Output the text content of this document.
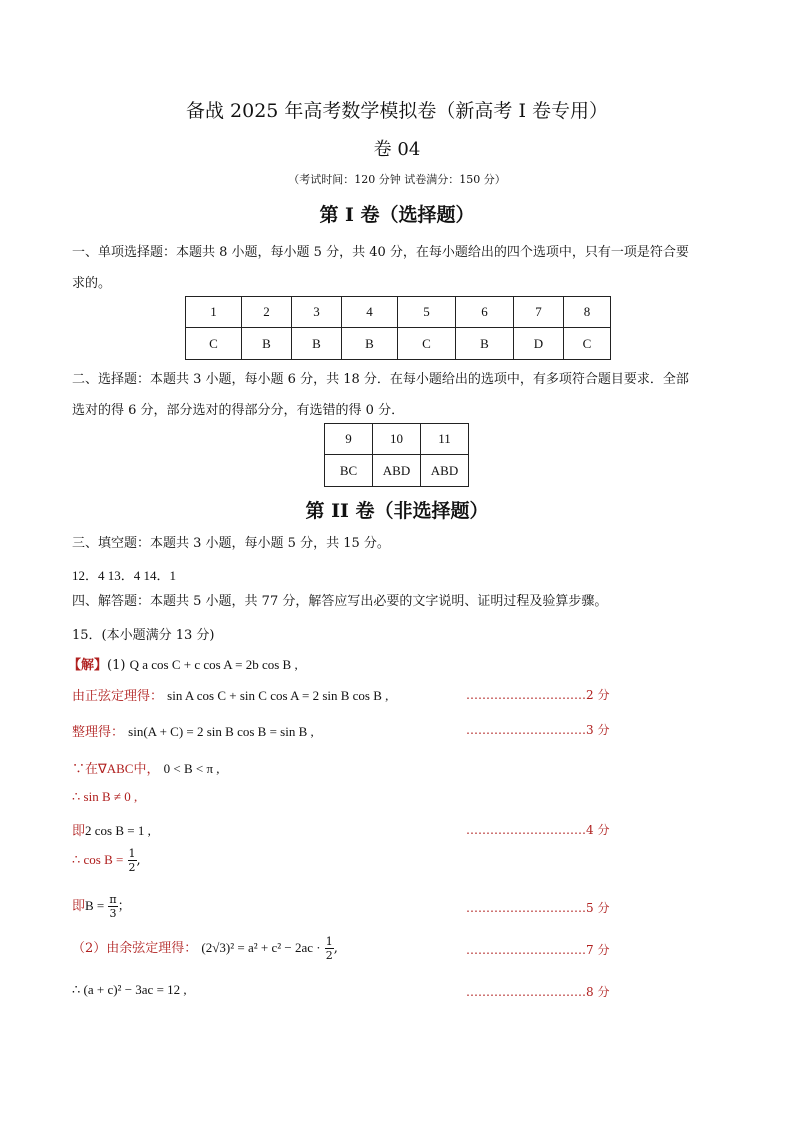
备战 2025 年高考数学模拟卷（新高考 I 卷专用）
卷 04
（考试时间：120 分钟 试卷满分：150 分）
第 I 卷（选择题）
一、单项选择题：本题共 8 小题，每小题 5 分，共 40 分，在每小题给出的四个选项中，只有一项是符合要
求的。
1	2	3	4	5	6	7	8
C	B	B	B	C	B	D	C
二、选择题：本题共 3 小题，每小题 6 分，共 18 分．在每小题给出的选项中，有多项符合题目要求．全部
选对的得 6 分，部分选对的得部分分，有选错的得 0 分．
9	10	11
BC	ABD	ABD
第 II 卷（非选择题）
三、填空题：本题共 3 小题，每小题 5 分，共 15 分。
12．4 13．4 14．1
四、解答题：本题共 5 小题，共 77 分，解答应写出必要的文字说明、证明过程及验算步骤。
15．(本小题满分 13 分)
【解】(1) Q a cos C + c cos A = 2b cos B ,
由正弦定理得： sin A cos C + sin C cos A = 2 sin B cos B ,	…………………………2 分
整理得： sin(A + C) = 2 sin B cos B = sin B ,	…………………………3 分
∵在∇ABC中， 0 < B < π ,
∴ sin B ≠ 0 ,
即2 cos B = 1 ,	…………………………4 分
∴ $\cos B = \frac{1}{2}$ ,
即$B = \frac{\pi}{3}$ ；	…………………………5 分
（2）由余弦定理得： $(2√3)^2 = a^2 + c^2 - 2ac \cdot \frac{1}{2}$ ,	…………………………7 分
∴ (a + c)² − 3ac = 12 ,	…………………………8 分
